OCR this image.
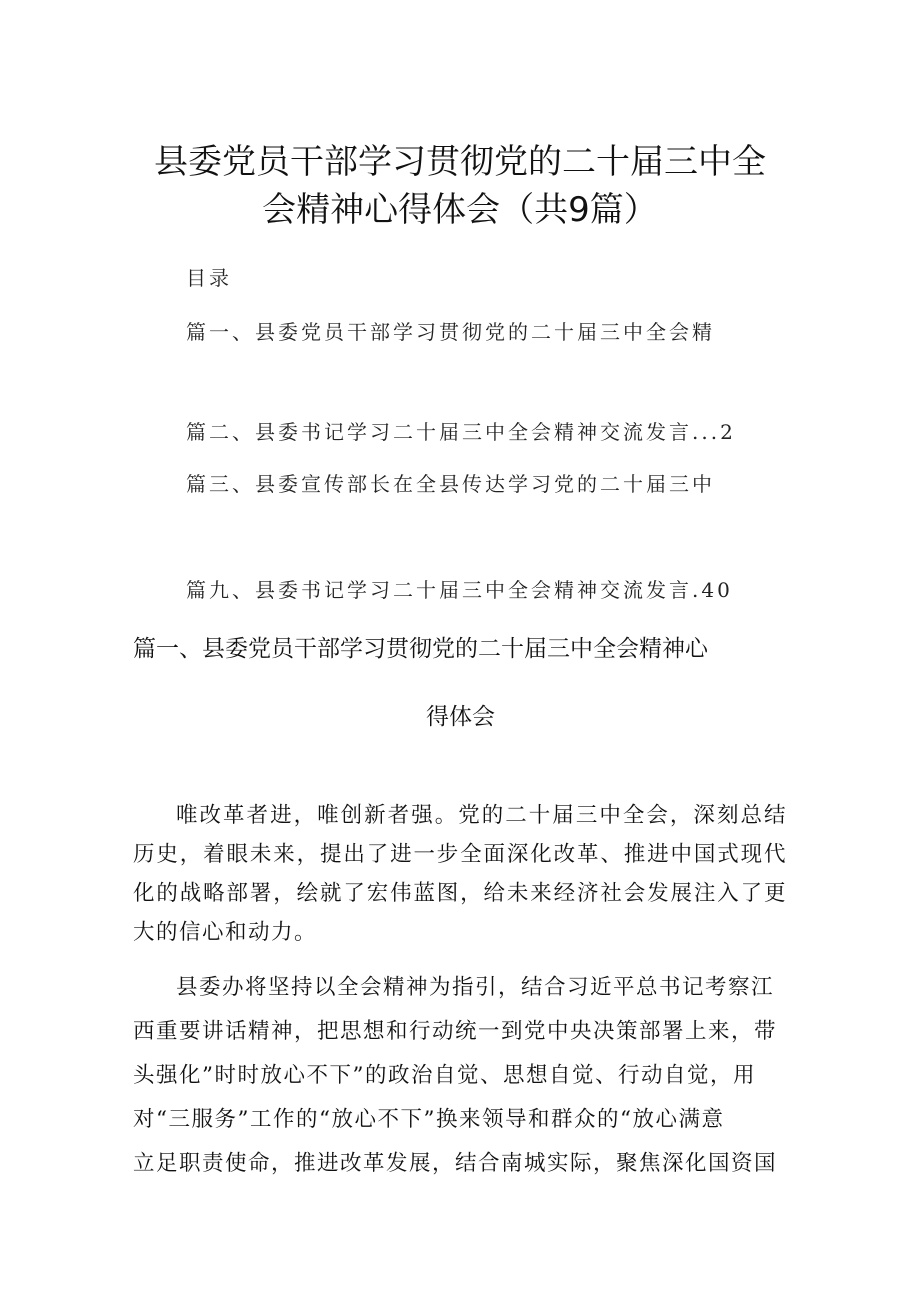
县委党员干部学习贯彻党的二十届三中全
会精神心得体会（共9篇）
目录
篇一、县委党员干部学习贯彻党的二十届三中全会精
篇二、县委书记学习二十届三中全会精神交流发言...2
篇三、县委宣传部长在全县传达学习党的二十届三中
篇九、县委书记学习二十届三中全会精神交流发言.40
篇一、县委党员干部学习贯彻党的二十届三中全会精神心
得体会
唯改革者进，唯创新者强。党的二十届三中全会，深刻总结历史，着眼未来，提出了进一步全面深化改革、推进中国式现代化的战略部署，绘就了宏伟蓝图，给未来经济社会发展注入了更大的信心和动力。
县委办将坚持以全会精神为指引，结合习近平总书记考察江
西重要讲话精神，把思想和行动统一到党中央决策部署上来，带
头强化”时时放心不下”的政治自觉、思想自觉、行动自觉，用
对“三服务”工作的“放心不下”换来领导和群众的“放心满意
立足职责使命，推进改革发展，结合南城实际，聚焦深化国资国
